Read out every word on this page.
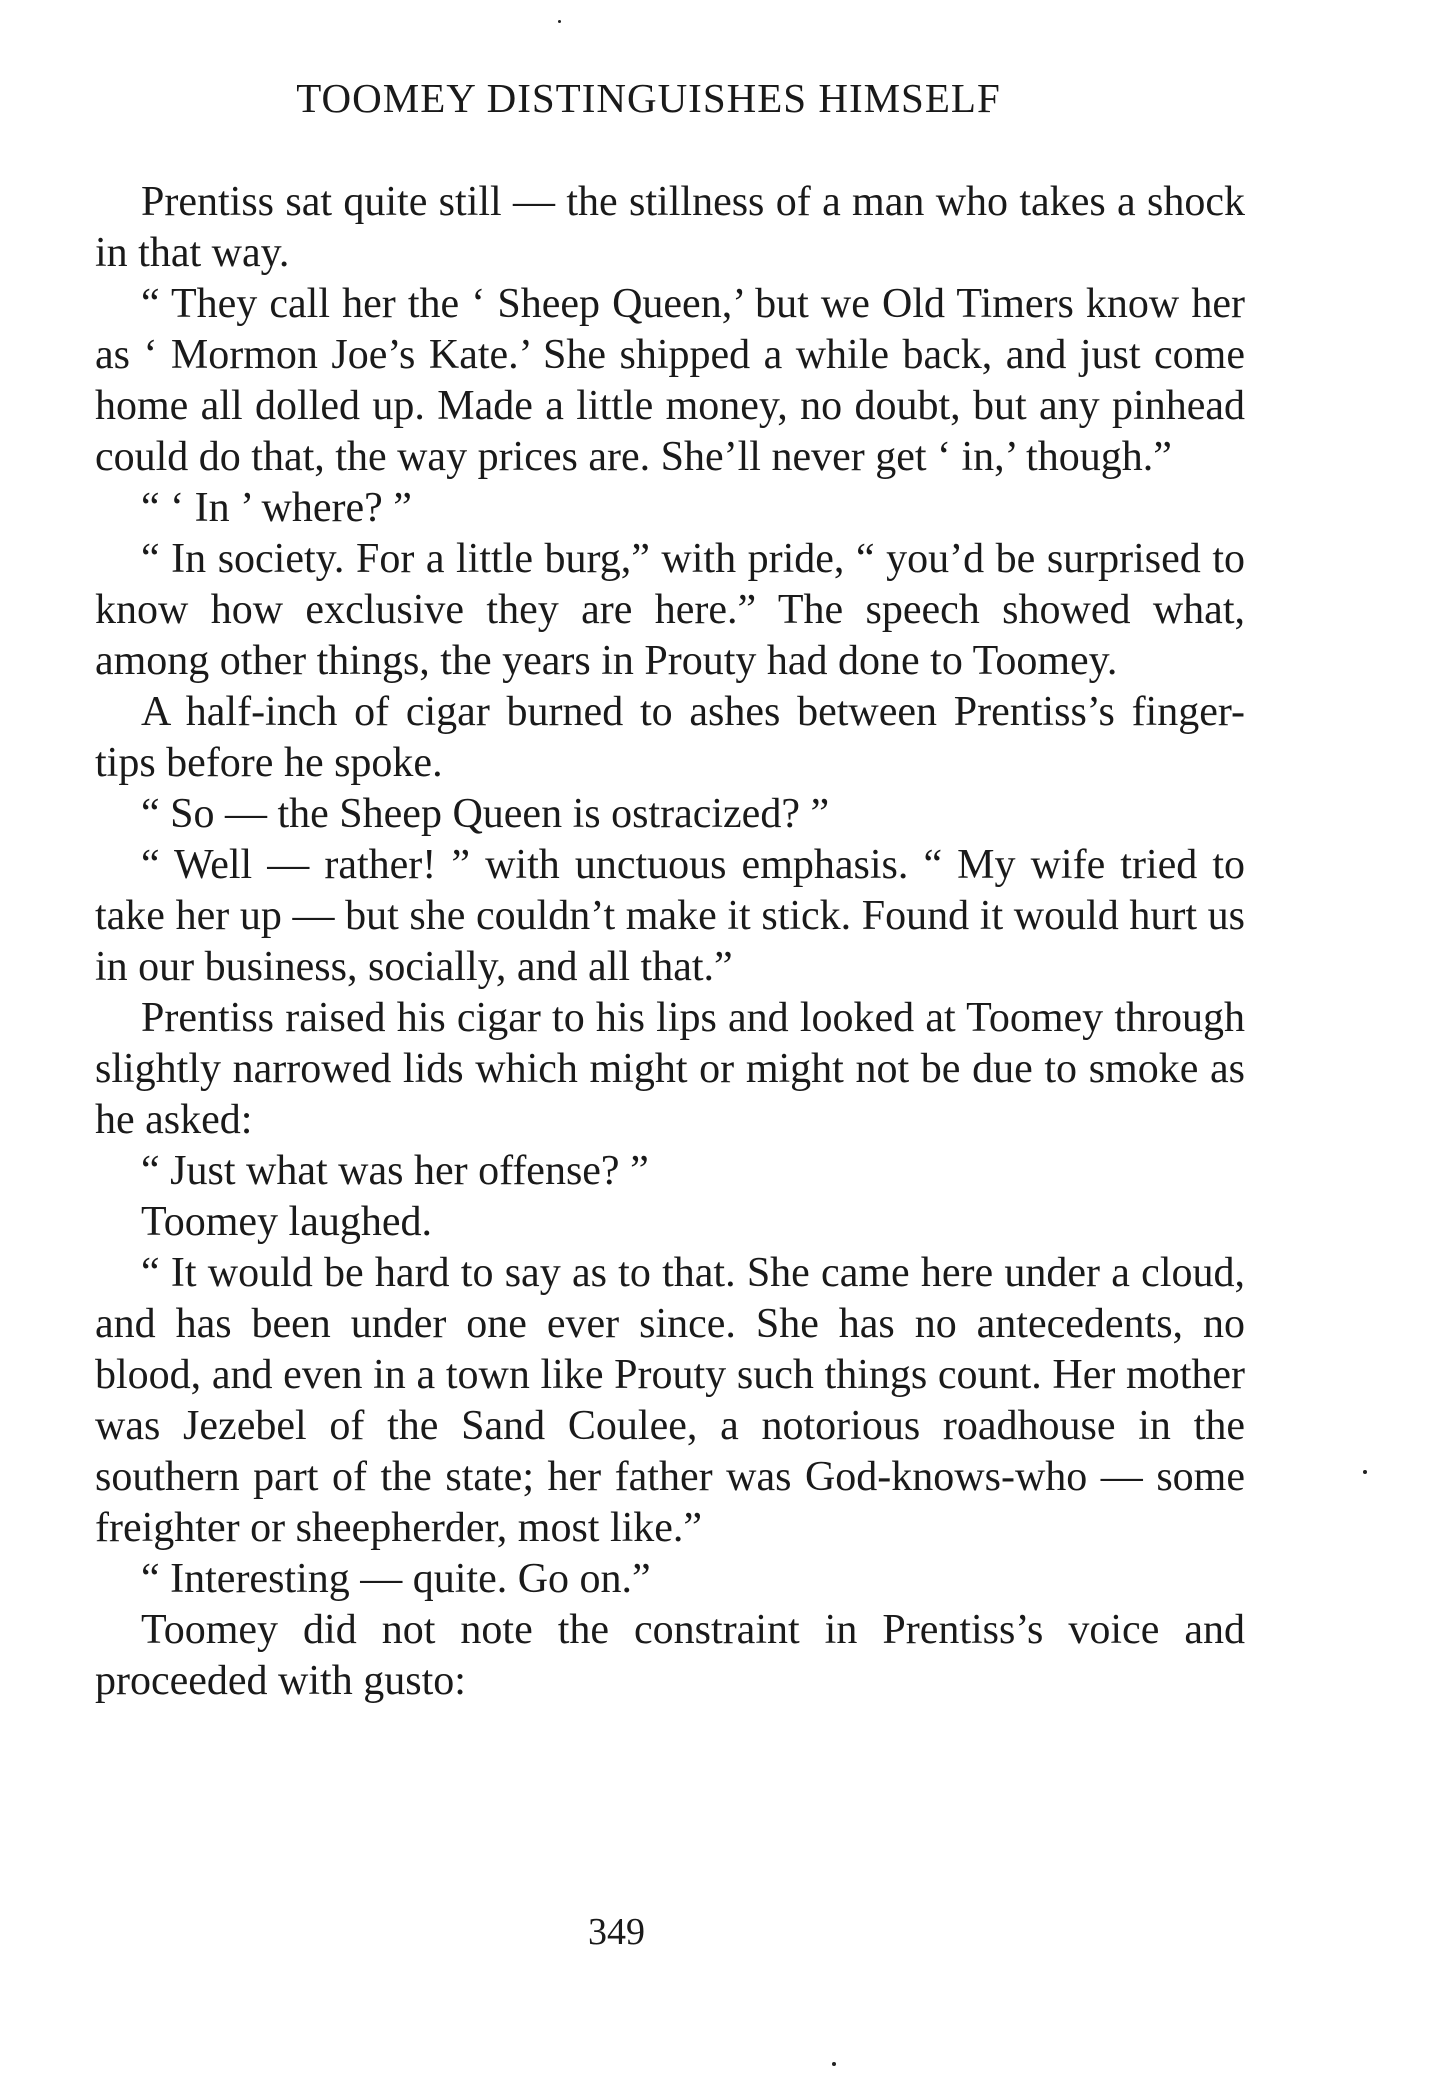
TOOMEY DISTINGUISHES HIMSELF

Prentiss sat quite still — the stillness of a man who takes a shock in that way.

“ They call her the ‘ Sheep Queen,’ but we Old Timers know her as ‘ Mormon Joe’s Kate.’ She shipped a while back, and just come home all dolled up. Made a little money, no doubt, but any pinhead could do that, the way prices are. She’ll never get ‘ in,’ though.”

“ ‘ In ’ where? ”

“ In society. For a little burg,” with pride, “ you’d be surprised to know how exclusive they are here.” The speech showed what, among other things, the years in Prouty had done to Toomey.

A half-inch of cigar burned to ashes between Prentiss’s finger-tips before he spoke.

“ So — the Sheep Queen is ostracized? ”

“ Well — rather! ” with unctuous emphasis. “ My wife tried to take her up — but she couldn’t make it stick. Found it would hurt us in our business, socially, and all that.”

Prentiss raised his cigar to his lips and looked at Toomey through slightly narrowed lids which might or might not be due to smoke as he asked:

“ Just what was her offense? ”

Toomey laughed.

“ It would be hard to say as to that. She came here under a cloud, and has been under one ever since. She has no antecedents, no blood, and even in a town like Prouty such things count. Her mother was Jezebel of the Sand Coulee, a notorious roadhouse in the southern part of the state; her father was God-knows-who — some freighter or sheepherder, most like.”

“ Interesting — quite. Go on.”

Toomey did not note the constraint in Prentiss’s voice and proceeded with gusto:

349
